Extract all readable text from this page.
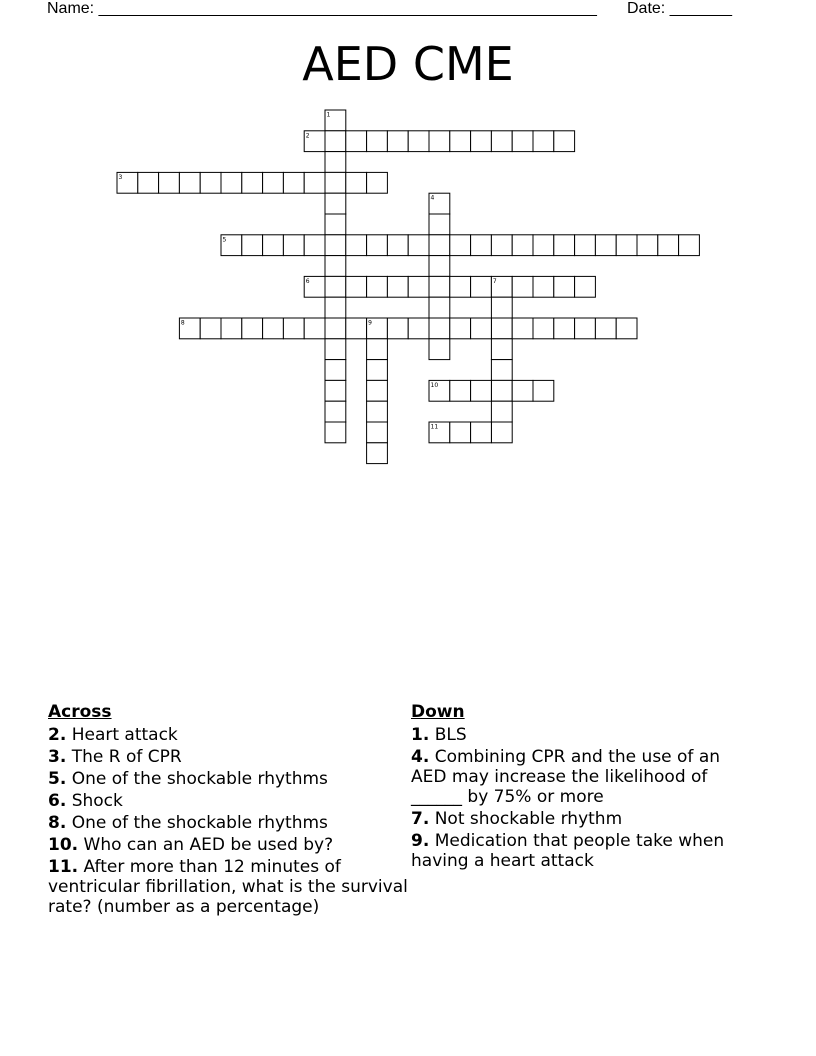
Name: ________________________________________________________ Date: _______
AED CME
1
2
3
4
5
6	7
8	9
10
11
Across
2. Heart attack
3. The R of CPR
5. One of the shockable rhythms
6. Shock
8. One of the shockable rhythms
10. Who can an AED be used by?
11. After more than 12 minutes of ventricular fibrillation, what is the survival rate? (number as a percentage)
Down
1. BLS
4. Combining CPR and the use of an AED may increase the likelihood of ______ by 75% or more
7. Not shockable rhythm
9. Medication that people take when having a heart attack
